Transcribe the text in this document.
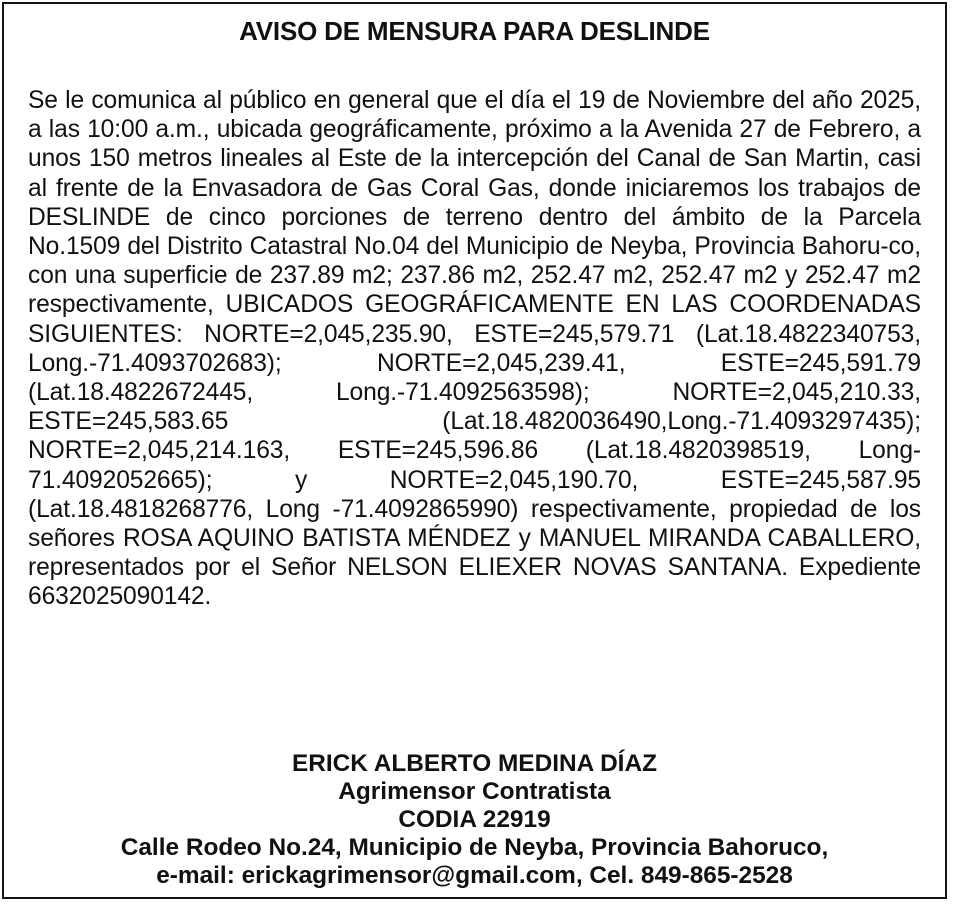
AVISO DE MENSURA PARA DESLINDE
Se le comunica al público en general que el día el 19 de Noviembre del año 2025, a las 10:00 a.m., ubicada geográficamente, próximo a la Avenida 27 de Febrero, a unos 150 metros lineales al Este de la intercepción del Canal de San Martin, casi al frente de la Envasadora de Gas Coral Gas, donde iniciaremos los trabajos de DESLINDE de cinco porciones de terreno dentro del ámbito de la Parcela No.1509 del Distrito Catastral No.04 del Municipio de Neyba, Provincia Bahoru-co, con una superficie de 237.89 m2; 237.86 m2, 252.47 m2, 252.47 m2 y 252.47 m2 respectivamente, UBICADOS GEOGRÁFICAMENTE EN LAS COORDENADAS SIGUIENTES: NORTE=2,045,235.90, ESTE=245,579.71 (Lat.18.4822340753, Long.-71.4093702683); NORTE=2,045,239.41, ESTE=245,591.79 (Lat.18.4822672445, Long.-71.4092563598); NORTE=2,045,210.33, ESTE=245,583.65 (Lat.18.4820036490,Long.-71.4093297435); NORTE=2,045,214.163, ESTE=245,596.86 (Lat.18.4820398519, Long-71.4092052665); y NORTE=2,045,190.70, ESTE=245,587.95 (Lat.18.4818268776, Long -71.4092865990) respectivamente, propiedad de los señores ROSA AQUINO BATISTA MÉNDEZ y MANUEL MIRANDA CABALLERO, representados por el Señor NELSON ELIEXER NOVAS SANTANA. Expediente 6632025090142.
ERICK ALBERTO MEDINA DÍAZ
Agrimensor Contratista
CODIA 22919
Calle Rodeo No.24, Municipio de Neyba, Provincia Bahoruco,
e-mail: erickagrimensor@gmail.com, Cel. 849-865-2528
